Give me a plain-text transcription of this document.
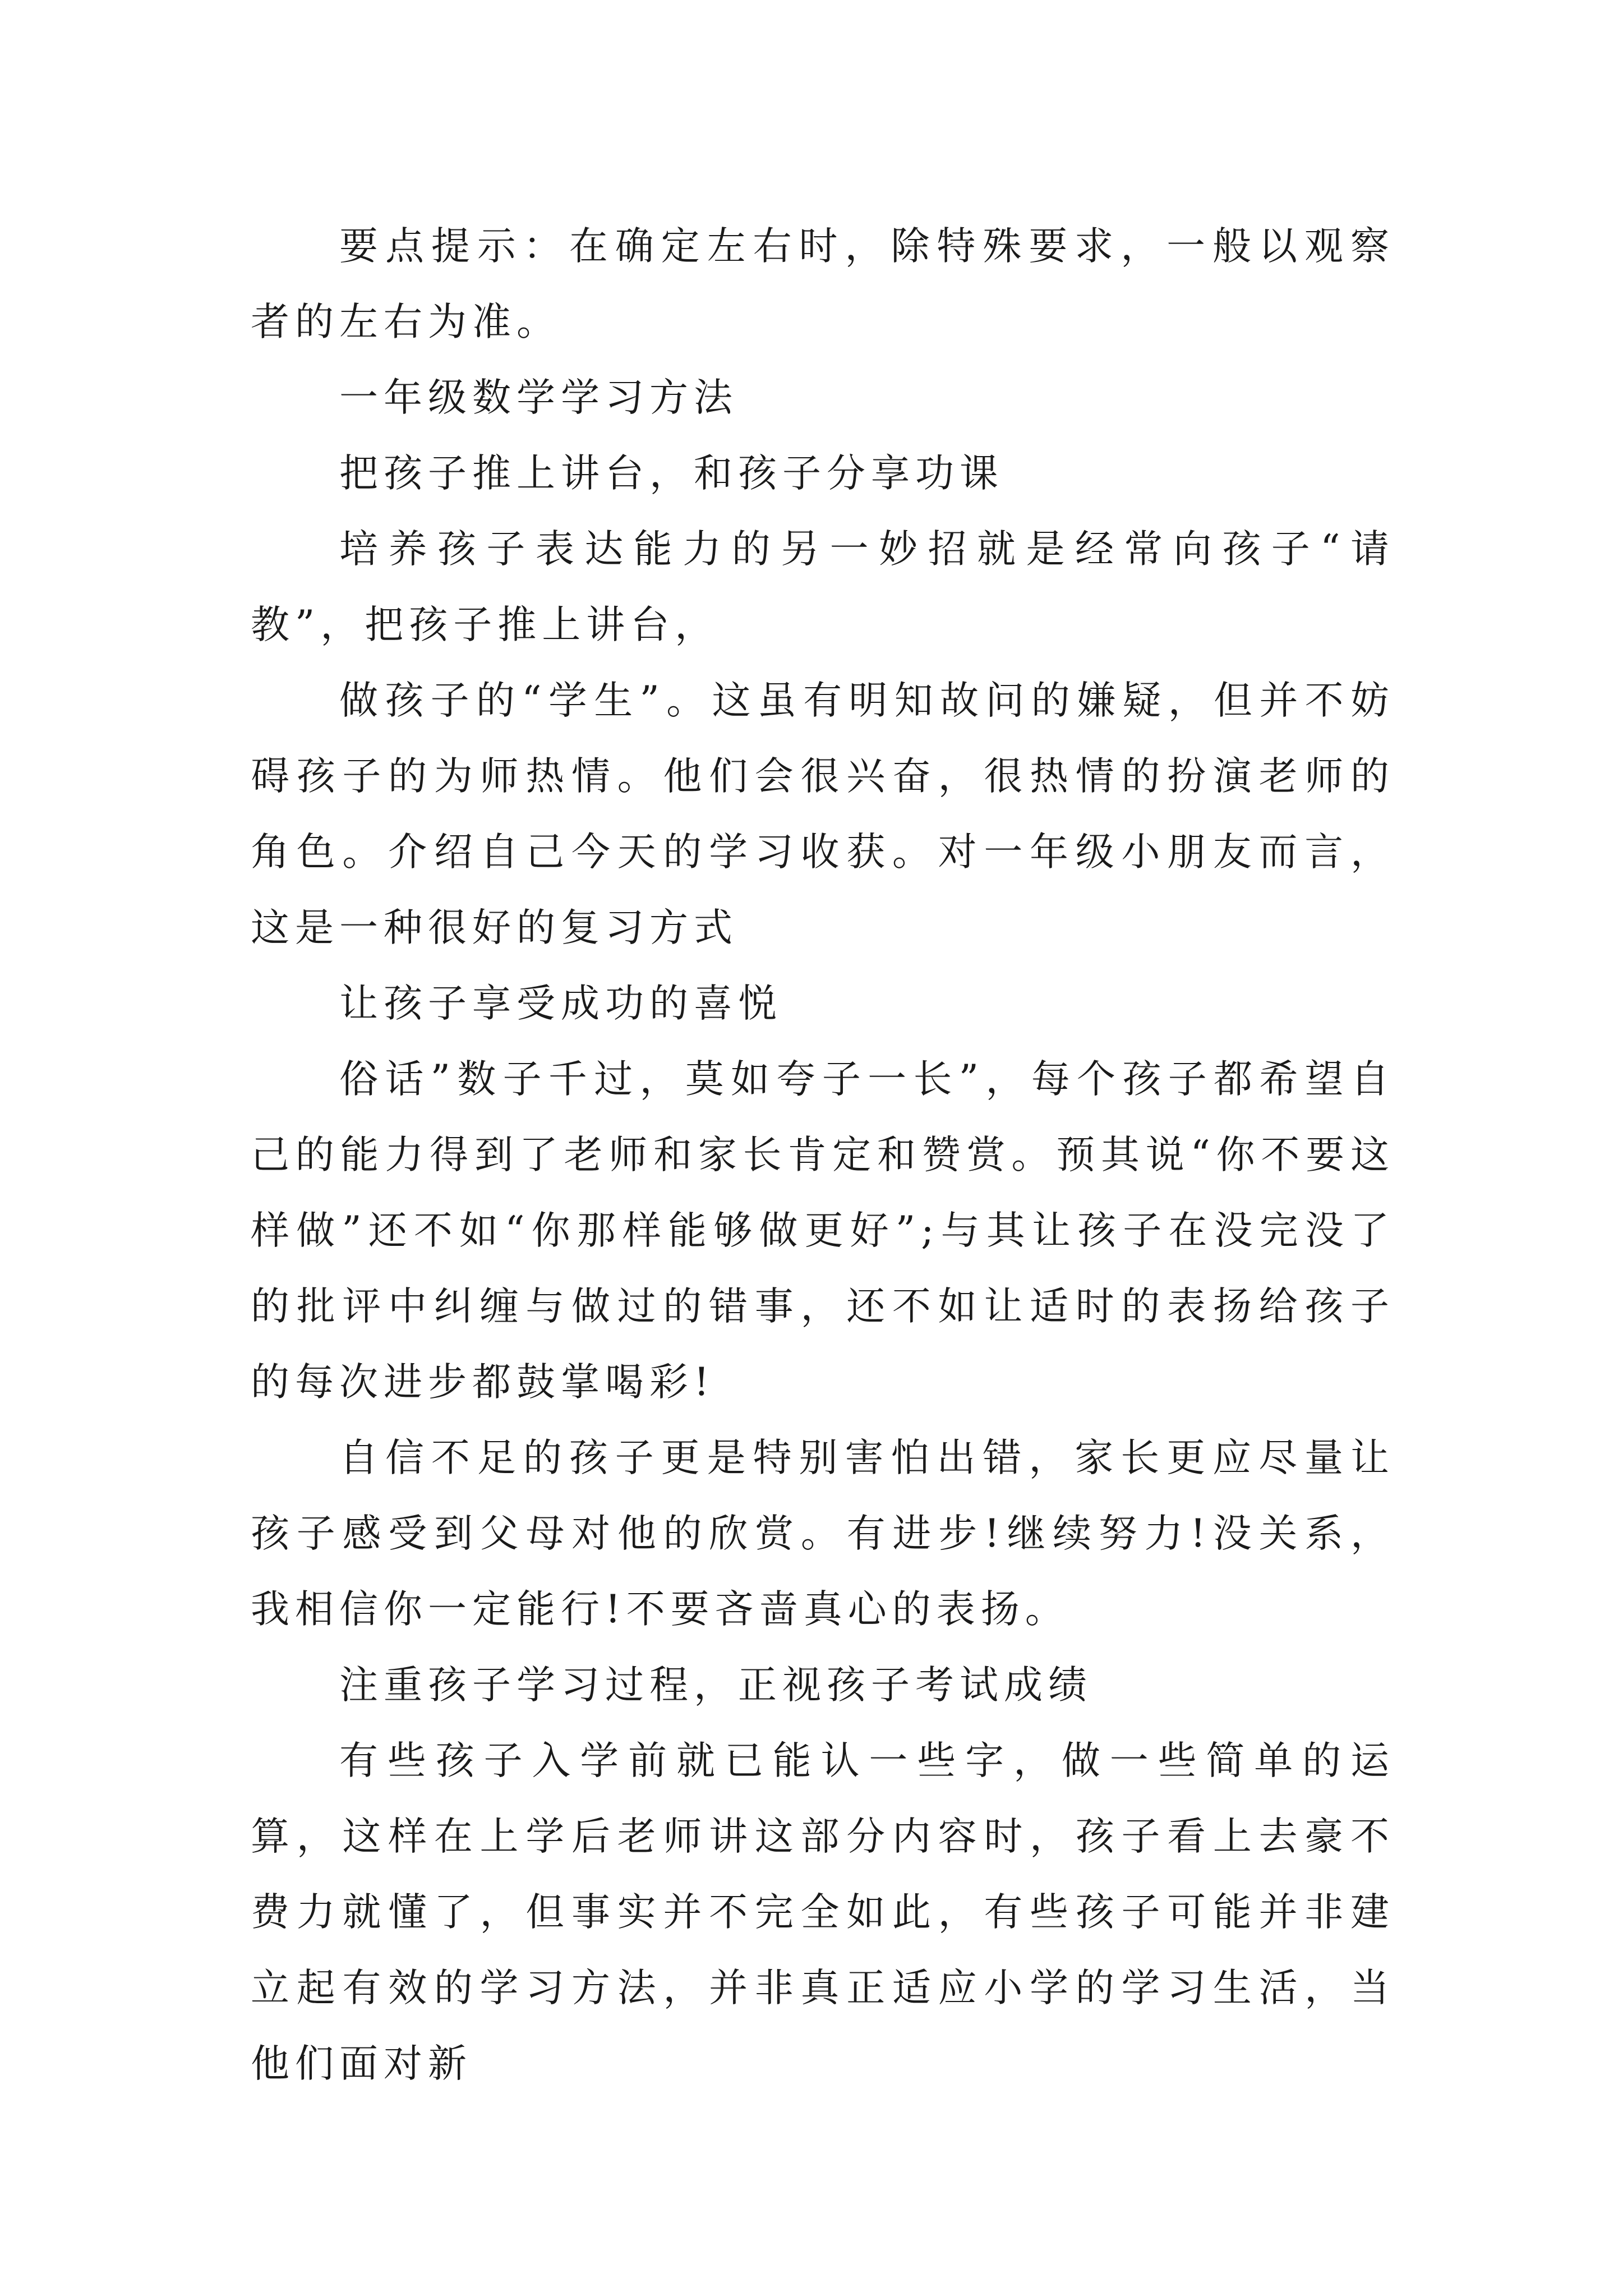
要点提示：在确定左右时，除特殊要求，一般以观察者的左右为准。

一年级数学学习方法

把孩子推上讲台，和孩子分享功课

培养孩子表达能力的另一妙招就是经常向孩子“请教”，把孩子推上讲台，

做孩子的“学生”。这虽有明知故问的嫌疑，但并不妨碍孩子的为师热情。他们会很兴奋，很热情的扮演老师的角色。介绍自己今天的学习收获。对一年级小朋友而言，这是一种很好的复习方式

让孩子享受成功的喜悦

俗话”数子千过，莫如夸子一长”，每个孩子都希望自己的能力得到了老师和家长肯定和赞赏。预其说“你不要这样做”还不如“你那样能够做更好”;与其让孩子在没完没了的批评中纠缠与做过的错事，还不如让适时的表扬给孩子的每次进步都鼓掌喝彩!

自信不足的孩子更是特别害怕出错，家长更应尽量让孩子感受到父母对他的欣赏。有进步!继续努力!没关系，我相信你一定能行!不要吝啬真心的表扬。

注重孩子学习过程，正视孩子考试成绩

有些孩子入学前就已能认一些字，做一些简单的运算，这样在上学后老师讲这部分内容时，孩子看上去豪不费力就懂了，但事实并不完全如此，有些孩子可能并非建立起有效的学习方法，并非真正适应小学的学习生活，当他们面对新
